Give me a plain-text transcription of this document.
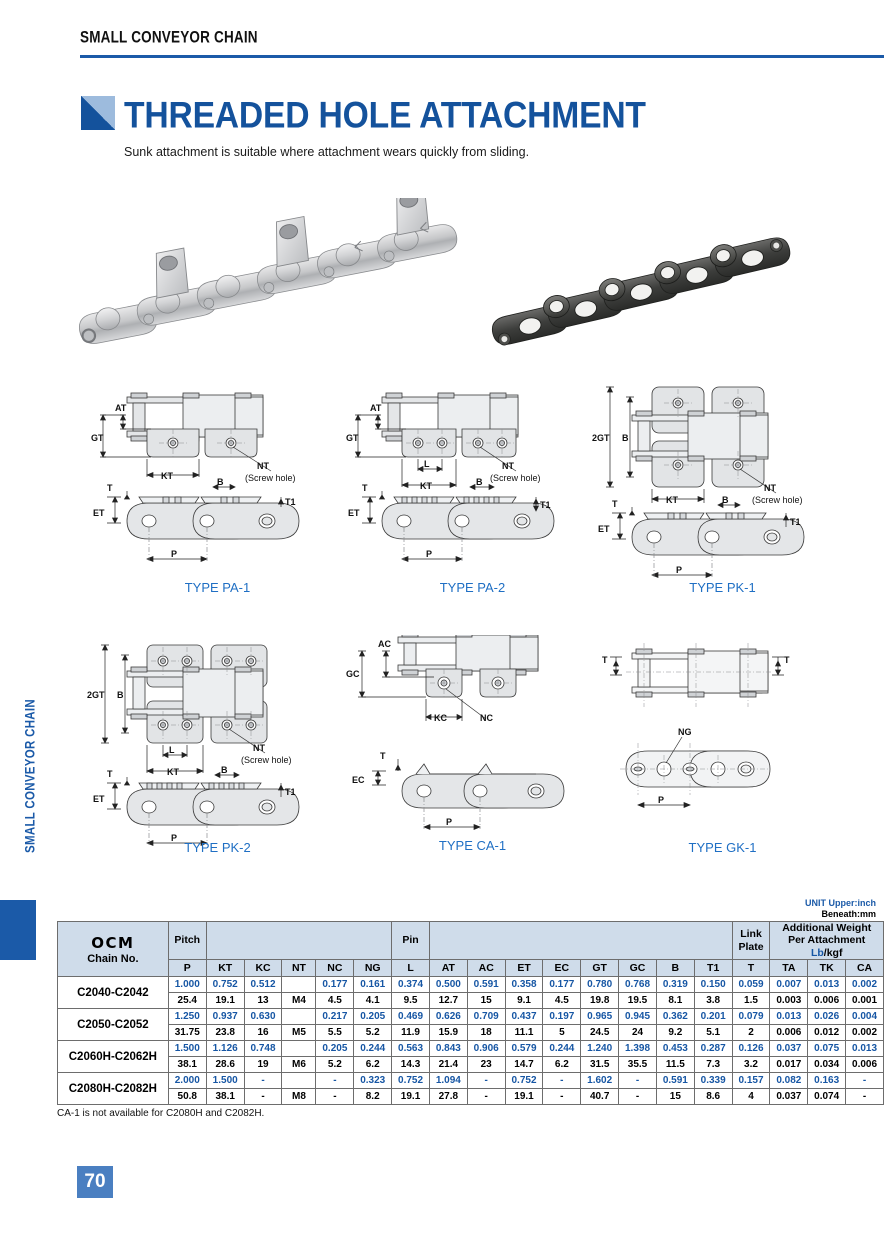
SMALL CONVEYOR CHAIN
SMALL CONVEYOR CHAIN
THREADED HOLE ATTACHMENT
Sunk attachment is suitable where attachment wears quickly from sliding.
GT
AT
KT
NT
(Screw hole)
T
ET
B
T1
P
TYPE PA-1
GT
AT
L
KT
NT
(Screw hole)
T
ET
B
T1
P
TYPE PA-2
2GT B
KT
NT
(Screw hole)
T
ET
B
T1
P
TYPE PK-1
2GT B
L
KT
NT
(Screw hole)
T
ET
B
T1
P
TYPE PK-2
GC
AC
KC	NC
T
EC
P
TYPE CA-1
T	T
NG
P
TYPE GK-1
UNIT Upper:inch
Beneath:mm
OCM
Chain No.
	Pitch		Pin		
Link
Plate

Additional Weight
Per Attachment
Lb/kgf

	P	KT	KC	NT	NC	NG	L	AT	AC	ET	EC	GT	GC	B	T1	T	TA	TK	CA
C2040-C2042	1.000	0.752	0.512		0.177	0.161	0.374	0.500	0.591	0.358	0.177	0.780	0.768	0.319	0.150	0.059	0.007	0.013	0.002
	25.4	19.1	13	M4	4.5	4.1	9.5	12.7	15	9.1	4.5	19.8	19.5	8.1	3.8	1.5	0.003	0.006	0.001
C2050-C2052	1.250	0.937	0.630		0.217	0.205	0.469	0.626	0.709	0.437	0.197	0.965	0.945	0.362	0.201	0.079	0.013	0.026	0.004
	31.75	23.8	16	M5	5.5	5.2	11.9	15.9	18	11.1	5	24.5	24	9.2	5.1	2	0.006	0.012	0.002
C2060H-C2062H	1.500	1.126	0.748		0.205	0.244	0.563	0.843	0.906	0.579	0.244	1.240	1.398	0.453	0.287	0.126	0.037	0.075	0.013
	38.1	28.6	19	M6	5.2	6.2	14.3	21.4	23	14.7	6.2	31.5	35.5	11.5	7.3	3.2	0.017	0.034	0.006
C2080H-C2082H	2.000	1.500	-		-	0.323	0.752	1.094	-	0.752	-	1.602	-	0.591	0.339	0.157	0.082	0.163	-
	50.8	38.1	-	M8	-	8.2	19.1	27.8	-	19.1	-	40.7	-	15	8.6	4	0.037	0.074	-
CA-1 is not available for C2080H and C2082H.
70
